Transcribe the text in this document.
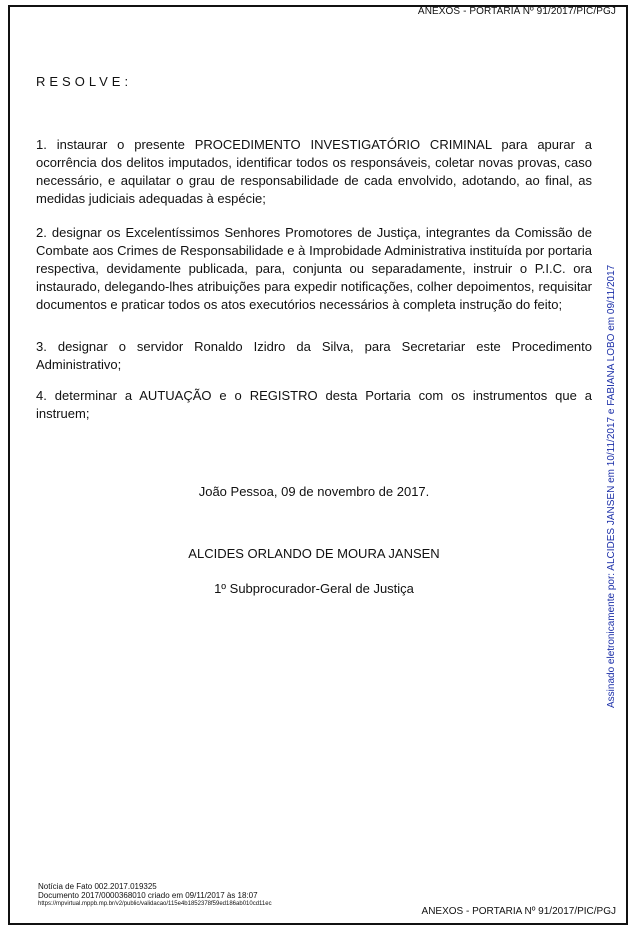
ANEXOS - PORTARIA Nº 91/2017/PIC/PGJ
RESOLVE:

1. instaurar o presente PROCEDIMENTO INVESTIGATÓRIO CRIMINAL para apurar a ocorrência dos delitos imputados, identificar todos os responsáveis, coletar novas provas, caso necessário, e aquilatar o grau de responsabilidade de cada envolvido, adotando, ao final, as medidas judiciais adequadas à espécie;

2. designar os Excelentíssimos Senhores Promotores de Justiça, integrantes da Comissão de Combate aos Crimes de Responsabilidade e à Improbidade Administrativa instituída por portaria respectiva, devidamente publicada, para, conjunta ou separadamente, instruir o P.I.C. ora instaurado, delegando-lhes atribuições para expedir notificações, colher depoimentos, requisitar documentos e praticar todos os atos executórios necessários à completa instrução do feito;

3. designar o servidor Ronaldo Izidro da Silva, para Secretariar este Procedimento Administrativo;

4. determinar a AUTUAÇÃO e o REGISTRO desta Portaria com os instrumentos que a instruem;

João Pessoa, 09 de novembro de 2017.
ALCIDES ORLANDO DE MOURA JANSEN
1º Subprocurador-Geral de Justiça	Assinado eletronicamente por: ALCIDES JANSEN em 10/11/2017 e FABIANA LOBO em 09/11/2017
Notícia de Fato 002.2017.019325
Documento 2017/0000368010 criado em 09/11/2017 às 18:07
https://mpvirtual.mppb.mp.br/v2/public/validacao/115e4b1852378f59ed186ab010cd11ec
ANEXOS - PORTARIA Nº 91/2017/PIC/PGJ
